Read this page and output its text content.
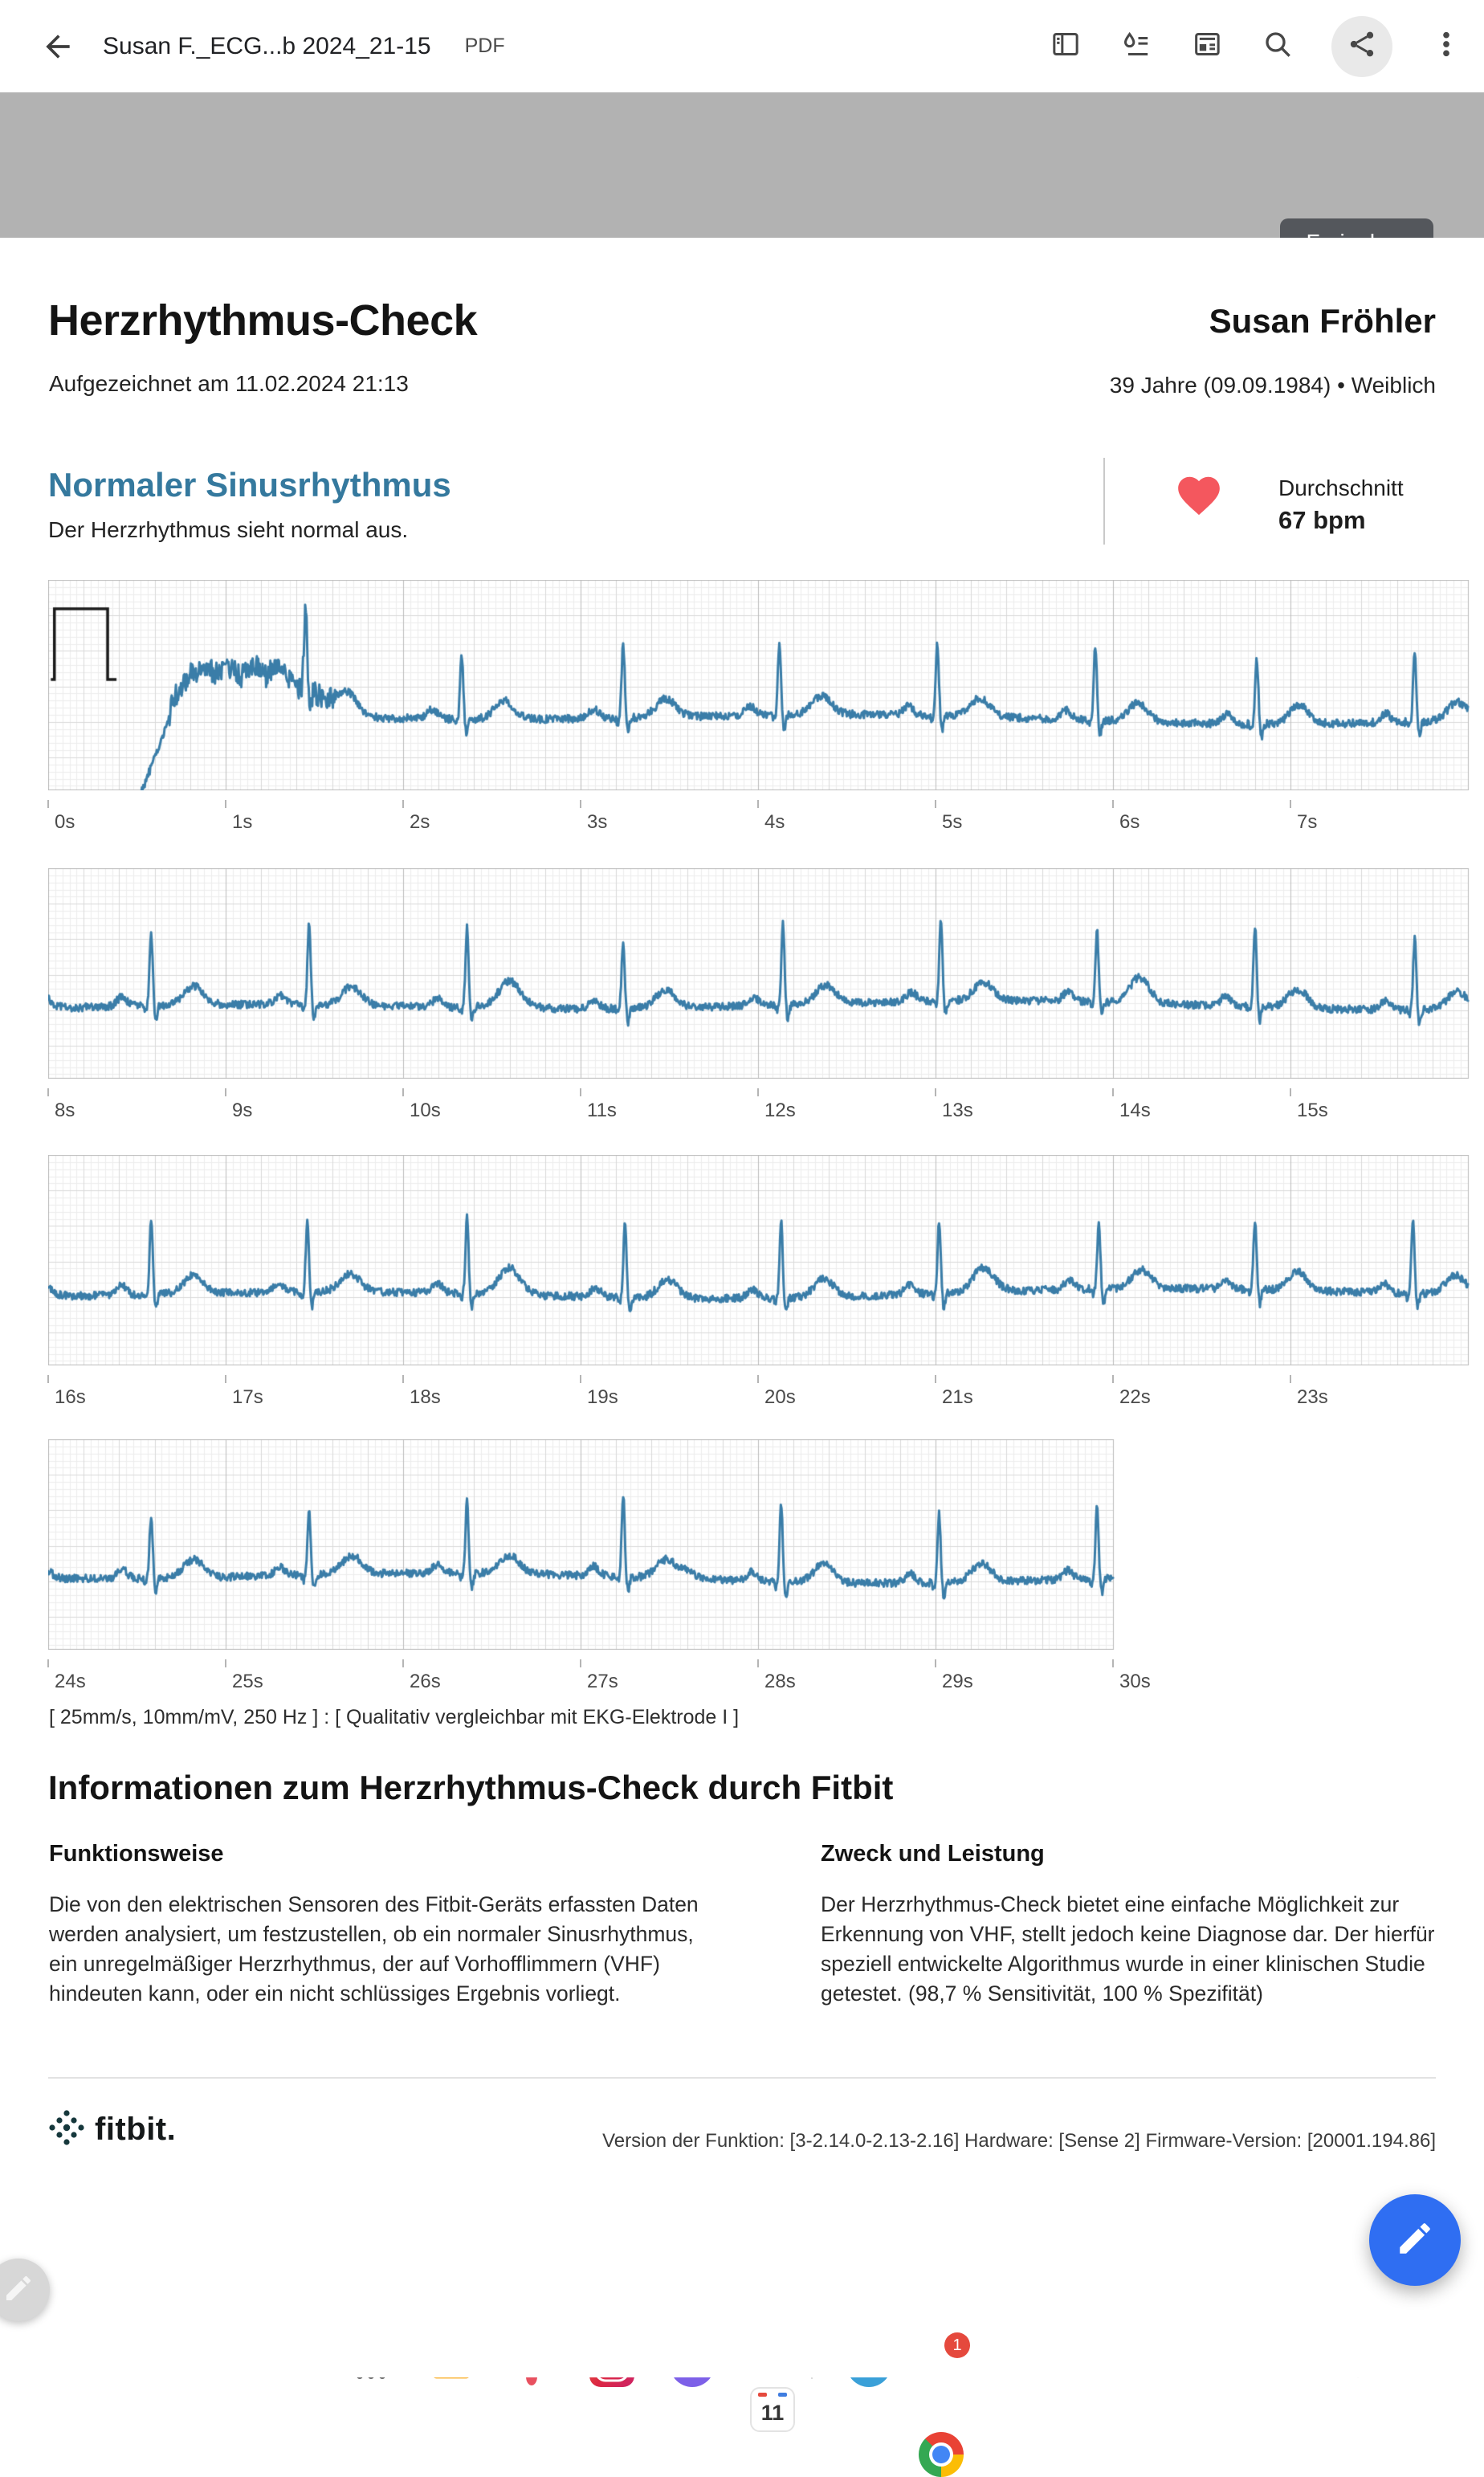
Susan F._ECG...b 2024_21-15 PDF
Herzrhythmus-Check
Aufgezeichnet am 11.02.2024 21:13
Susan Fröhler
39 Jahre (09.09.1984) • Weiblich
Normaler Sinusrhythmus
Der Herzrhythmus sieht normal aus.
Durchschnitt
67 bpm
0s	1s	2s	3s	4s	5s	6s	7s
8s	9s	10s	11s	12s	13s	14s	15s
16s	17s	18s	19s	20s	21s	22s	23s
24s	25s	26s	27s	28s	29s	30s
[ 25mm/s, 10mm/mV, 250 Hz ] : [ Qualitativ vergleichbar mit EKG-Elektrode I ]
Informationen zum Herzrhythmus-Check durch Fitbit
Funktionsweise

Die von den elektrischen Sensoren des Fitbit-Geräts erfassten Daten werden analysiert, um festzustellen, ob ein normaler Sinusrhythmus, ein unregelmäßiger Herzrhythmus, der auf Vorhofflimmern (VHF) hindeuten kann, oder ein nicht schlüssiges Ergebnis vorliegt.

Zweck und Leistung

Der Herzrhythmus-Check bietet eine einfache Möglichkeit zur Erkennung von VHF, stellt jedoch keine Diagnose dar. Der hierfür speziell entwickelte Algorithmus wurde in einer klinischen Studie getestet. (98,7 % Sensitivität, 100 % Spezifität)

fitbit.	Version der Funktion: [3-2.14.0-2.13-2.16] Hardware: [Sense 2] Firmware-Version: [20001.194.86]
11
1
